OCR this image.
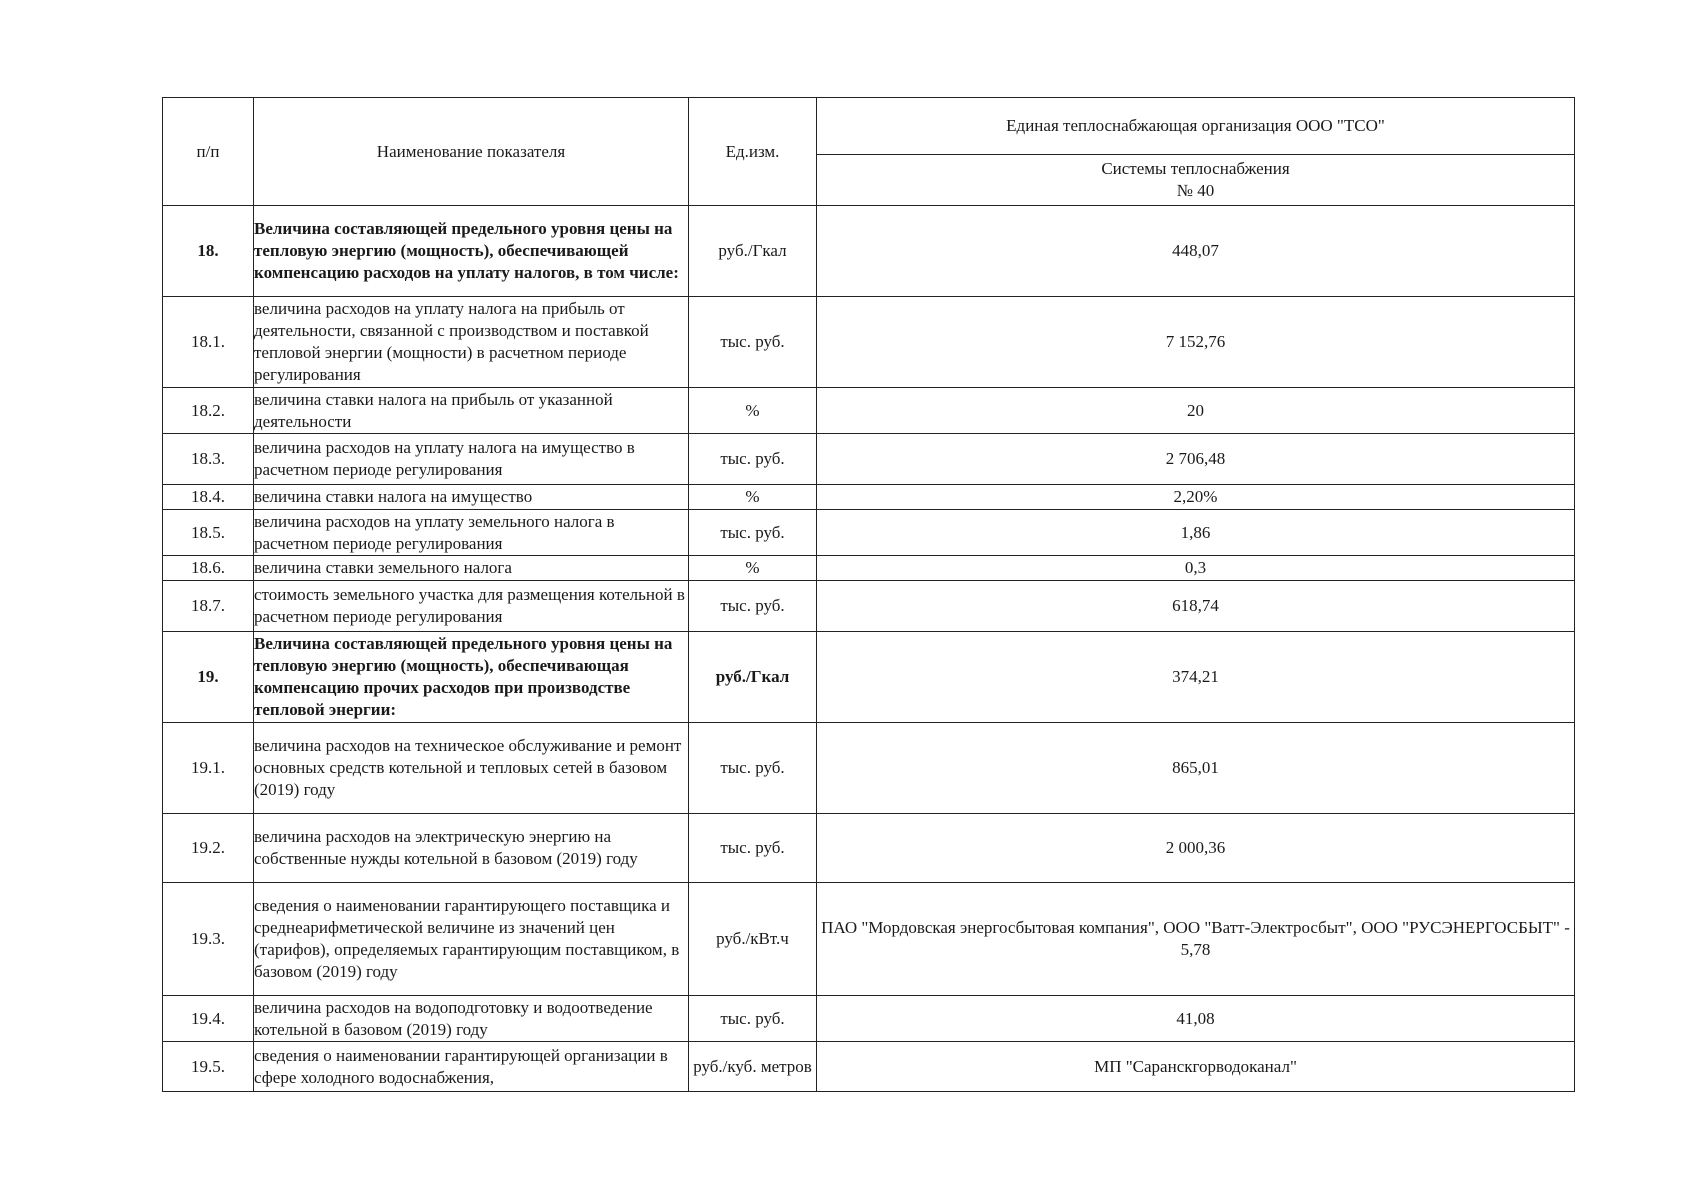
п/п	Наименование показателя	Ед.изм.	Единая теплоснабжающая организация ООО "ТСО"

			Системы теплоснабжения
№ 40

18.	Величина составляющей предельного уровня цены на тепловую энергию (мощность), обеспечивающей компенсацию расходов на уплату налогов, в том числе:	руб./Гкал	448,07
18.1.	величина расходов на уплату налога на прибыль от деятельности, связанной с производством и поставкой тепловой энергии (мощности) в расчетном периоде регулирования	тыс. руб.	7 152,76
18.2.	величина ставки налога на прибыль от указанной деятельности	%	20
18.3.	величина расходов на уплату налога на имущество в расчетном периоде регулирования	тыс. руб.	2 706,48
18.4.	величина ставки налога на имущество	%	2,20%
18.5.	величина расходов на уплату земельного налога в расчетном периоде регулирования	тыс. руб.	1,86
18.6.	величина ставки земельного налога	%	0,3
18.7.	стоимость земельного участка для размещения котельной в расчетном периоде регулирования	тыс. руб.	618,74
19.	Величина составляющей предельного уровня цены на тепловую энергию (мощность), обеспечивающая компенсацию прочих расходов при производстве тепловой энергии:	руб./Гкал	374,21
19.1.	величина расходов на техническое обслуживание и ремонт основных средств котельной и тепловых сетей в базовом (2019) году	тыс. руб.	865,01
19.2.	величина расходов на электрическую энергию на собственные нужды котельной в базовом (2019) году	тыс. руб.	2 000,36
19.3.	сведения о наименовании гарантирующего поставщика и среднеарифметической величине из значений цен (тарифов), определяемых гарантирующим поставщиком, в базовом (2019) году	руб./кВт.ч	ПАО "Мордовская энергосбытовая компания", ООО "Ватт-Электросбыт", ООО "РУСЭНЕРГОСБЫТ" - 5,78
19.4.	величина расходов на водоподготовку и водоотведение котельной в базовом (2019) году	тыс. руб.	41,08
19.5.	сведения о наименовании гарантирующей организации в сфере холодного водоснабжения,	руб./куб. метров	МП "Саранскгорводоканал"
